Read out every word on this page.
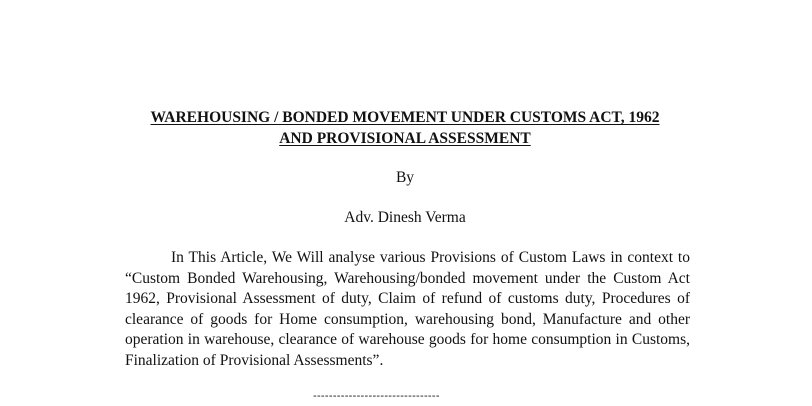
WAREHOUSING / BONDED MOVEMENT UNDER CUSTOMS ACT, 1962
AND PROVISIONAL ASSESSMENT

By

Adv. Dinesh Verma

In This Article, We Will analyse various Provisions of Custom Laws in context to “Custom Bonded Warehousing, Warehousing/bonded movement under the Custom Act 1962, Provisional Assessment of duty, Claim of refund of customs duty, Procedures of clearance of goods for Home consumption, warehousing bond, Manufacture and other operation in warehouse, clearance of warehouse goods for home consumption in Customs, Finalization of Provisional Assessments”.

--------------------------------
